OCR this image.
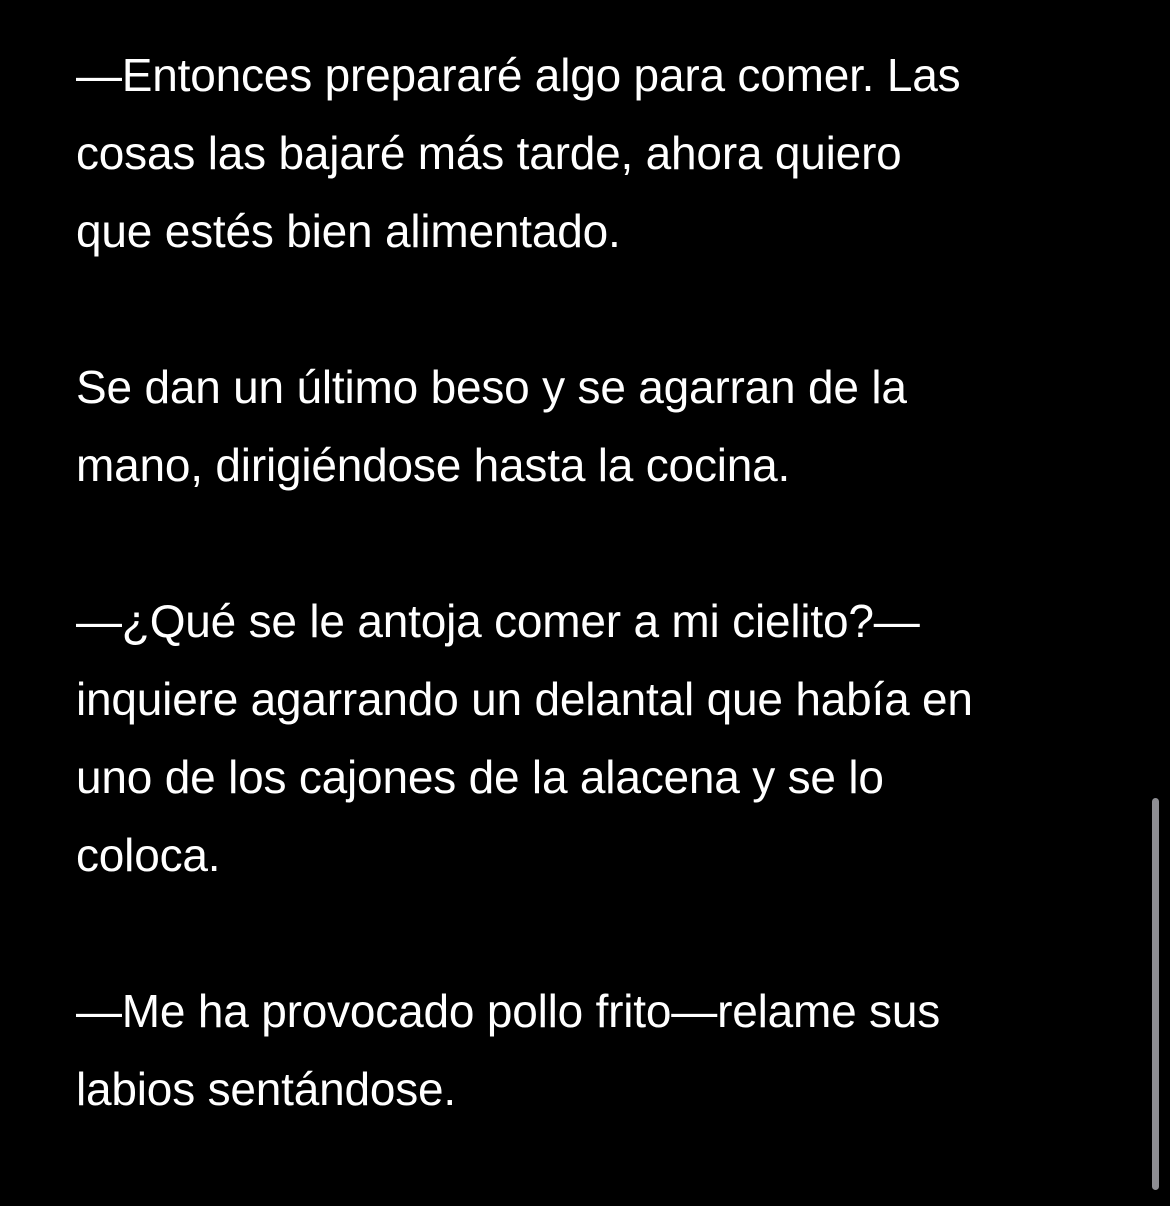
—Entonces prepararé algo para comer. Las
cosas las bajaré más tarde, ahora quiero
que estés bien alimentado.

Se dan un último beso y se agarran de la
mano, dirigiéndose hasta la cocina.

—¿Qué se le antoja comer a mi cielito?—
inquiere agarrando un delantal que había en
uno de los cajones de la alacena y se lo
coloca.

—Me ha provocado pollo frito—relame sus
labios sentándose.
